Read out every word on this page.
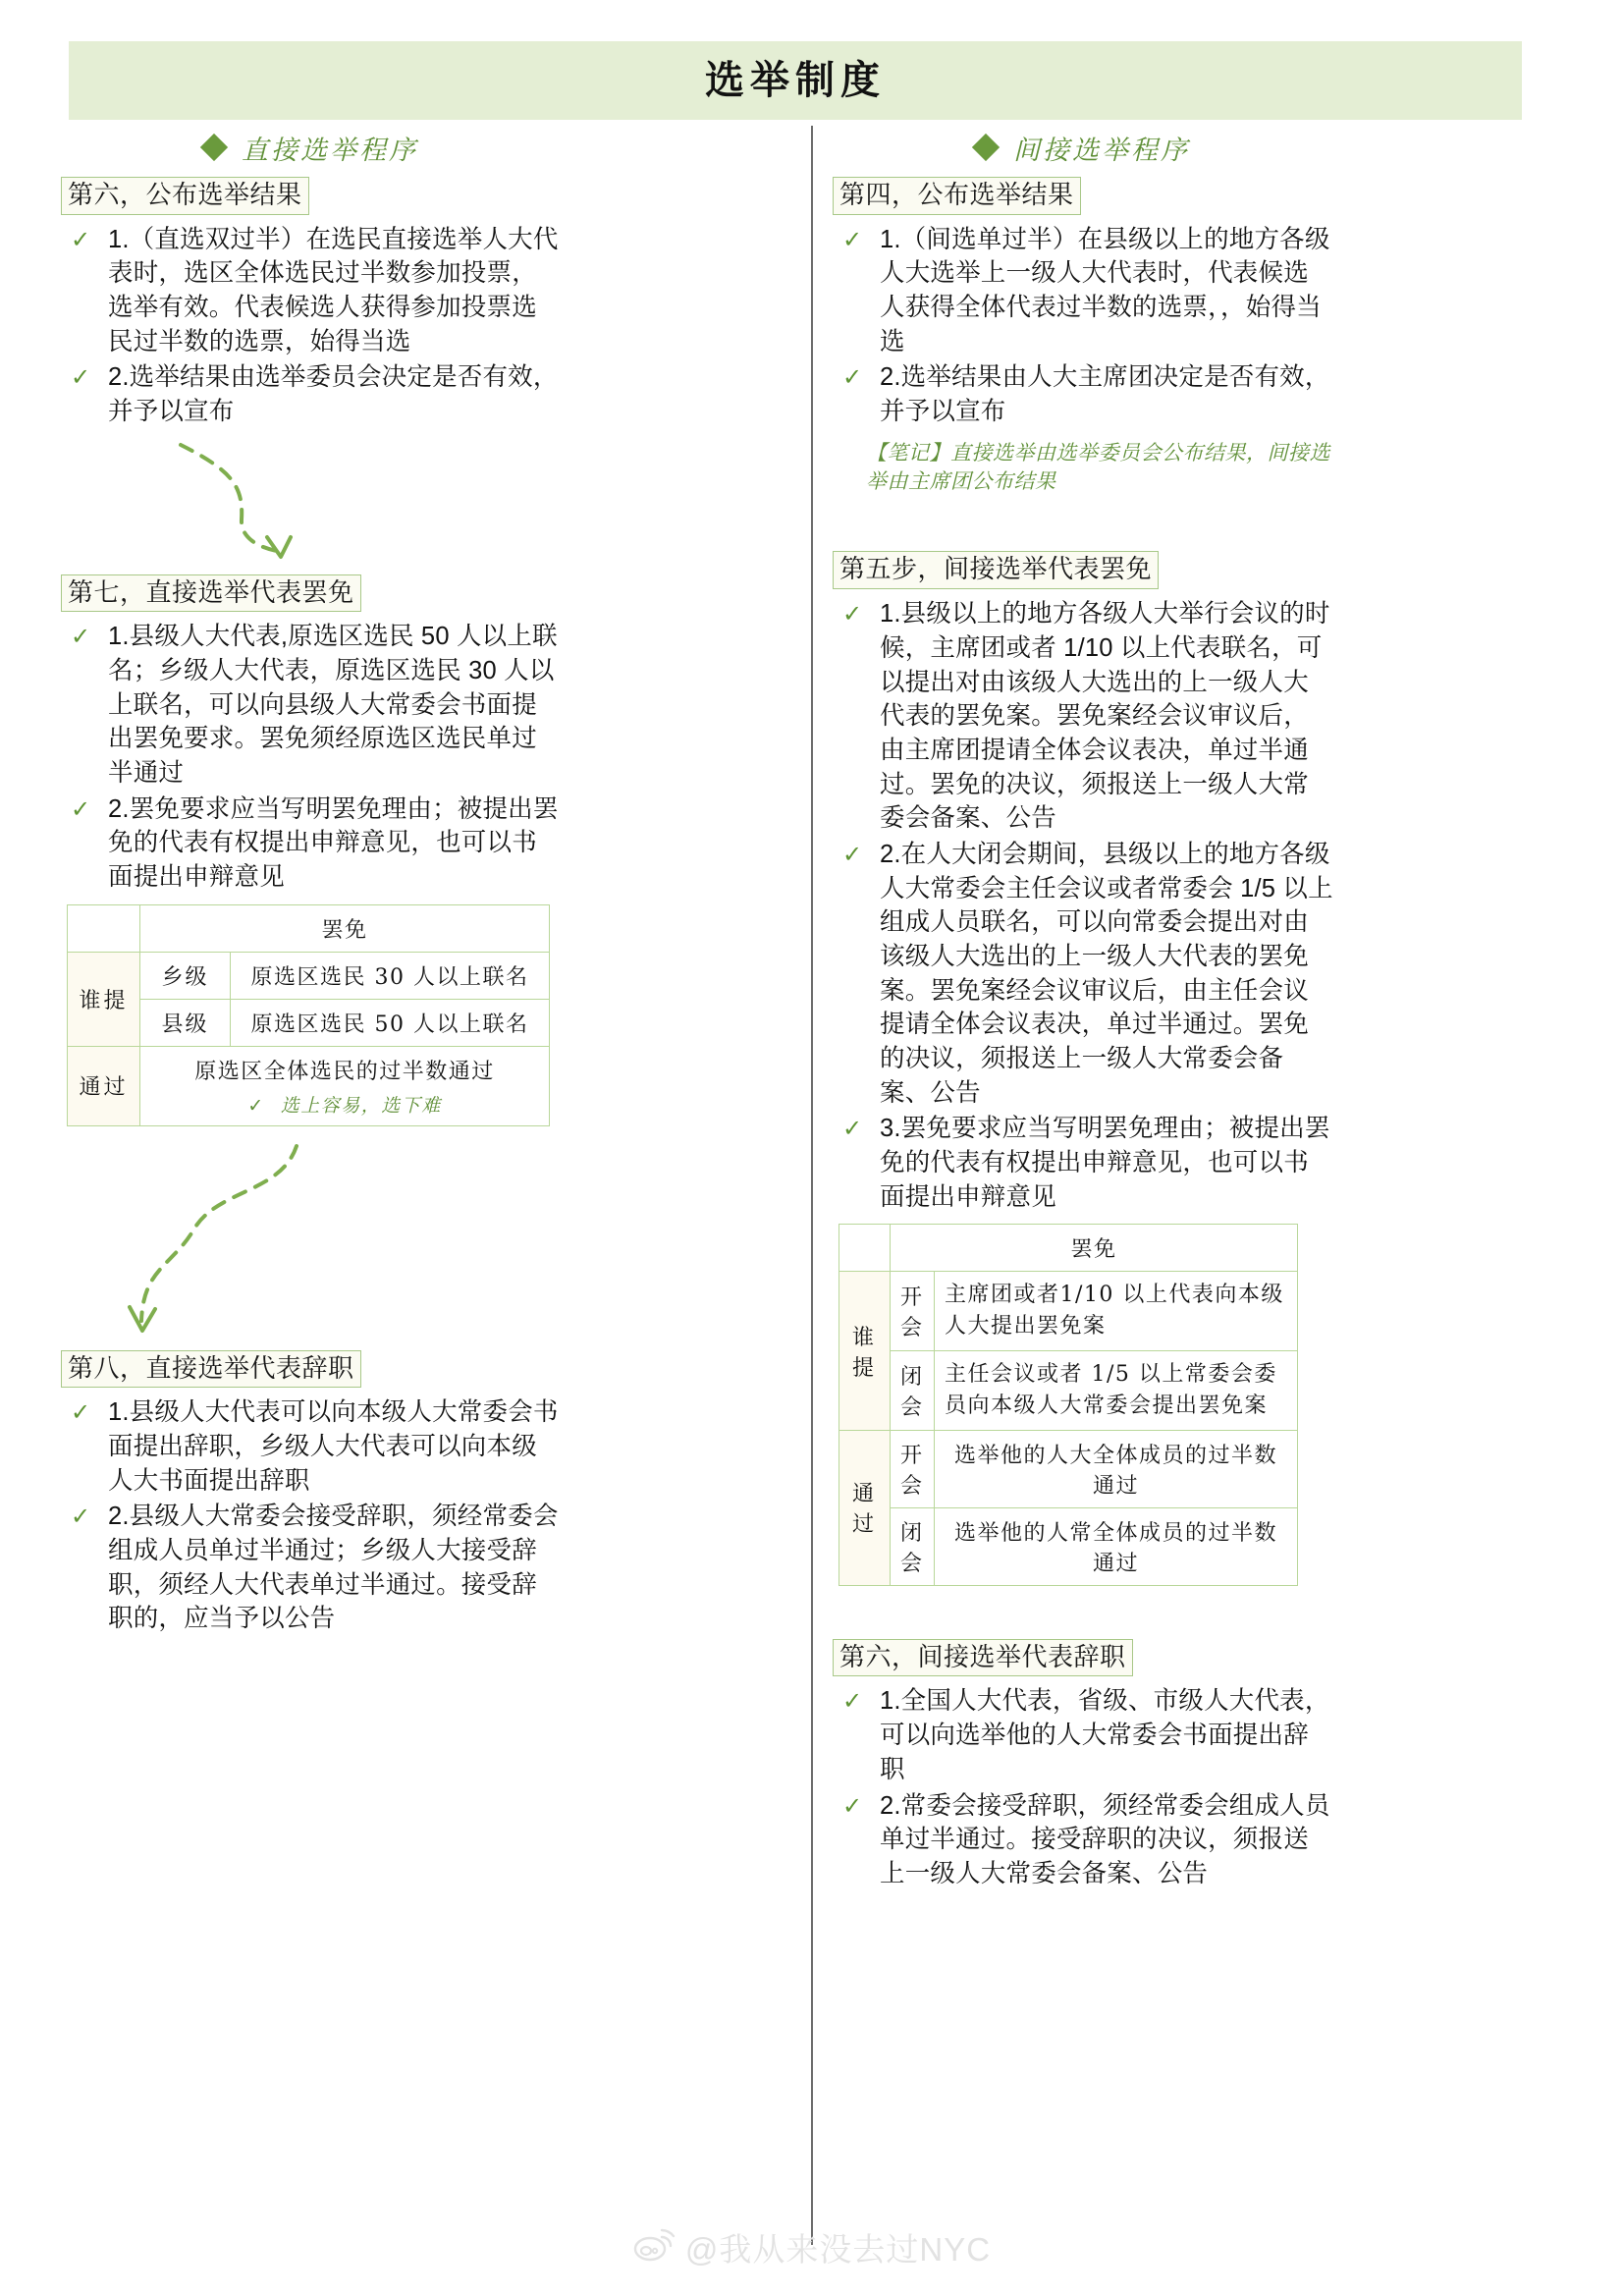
选举制度
直接选举程序
第六，公布选举结果
✓ 1.（直选双过半）在选民直接选举人大代表时，选区全体选民过半数参加投票，选举有效。代表候选人获得参加投票选民过半数的选票，始得当选
✓ 2.选举结果由选举委员会决定是否有效，并予以宣布
第七，直接选举代表罢免
✓ 1.县级人大代表,原选区选民 50 人以上联名；乡级人大代表，原选区选民 30 人以上联名，可以向县级人大常委会书面提出罢免要求。罢免须经原选区选民单过半通过
✓ 2.罢免要求应当写明罢免理由；被提出罢免的代表有权提出申辩意见，也可以书面提出申辩意见
	罢免	
谁提	乡级	原选区选民 30 人以上联名
	县级	原选区选民 50 人以上联名
通过	原选区全体选民的过半数通过
✓ 选上容易，选下难	
第八，直接选举代表辞职
✓ 1.县级人大代表可以向本级人大常委会书面提出辞职，乡级人大代表可以向本级人大书面提出辞职
✓ 2.县级人大常委会接受辞职，须经常委会组成人员单过半通过；乡级人大接受辞职，须经人大代表单过半通过。接受辞职的，应当予以公告
间接选举程序
第四，公布选举结果
✓ 1.（间选单过半）在县级以上的地方各级人大选举上一级人大代表时，代表候选人获得全体代表过半数的选票，，始得当选
✓ 2.选举结果由人大主席团决定是否有效，并予以宣布
【笔记】直接选举由选举委员会公布结果，间接选举由主席团公布结果
第五步，间接选举代表罢免
✓ 1.县级以上的地方各级人大举行会议的时候，主席团或者 1/10 以上代表联名，可以提出对由该级人大选出的上一级人大代表的罢免案。罢免案经会议审议后，由主席团提请全体会议表决，单过半通过。罢免的决议，须报送上一级人大常委会备案、公告
✓ 2.在人大闭会期间，县级以上的地方各级人大常委会主任会议或者常委会 1/5 以上组成人员联名，可以向常委会提出对由该级人大选出的上一级人大代表的罢免案。罢免案经会议审议后，由主任会议提请全体会议表决，单过半通过。罢免的决议，须报送上一级人大常委会备案、公告
✓ 3.罢免要求应当写明罢免理由；被提出罢免的代表有权提出申辩意见，也可以书面提出申辩意见
	罢免	
谁提	开会	主席团或者1/10 以上代表向本级人大提出罢免案
	闭会	主任会议或者 1/5 以上常委会委员向本级人大常委会提出罢免案
通过	开会	选举他的人大全体成员的过半数通过
	闭会	选举他的人常全体成员的过半数通过
第六，间接选举代表辞职
✓ 1.全国人大代表，省级、市级人大代表，可以向选举他的人大常委会书面提出辞职
✓ 2.常委会接受辞职，须经常委会组成人员单过半通过。接受辞职的决议，须报送上一级人大常委会备案、公告
@我从来没去过NYC
